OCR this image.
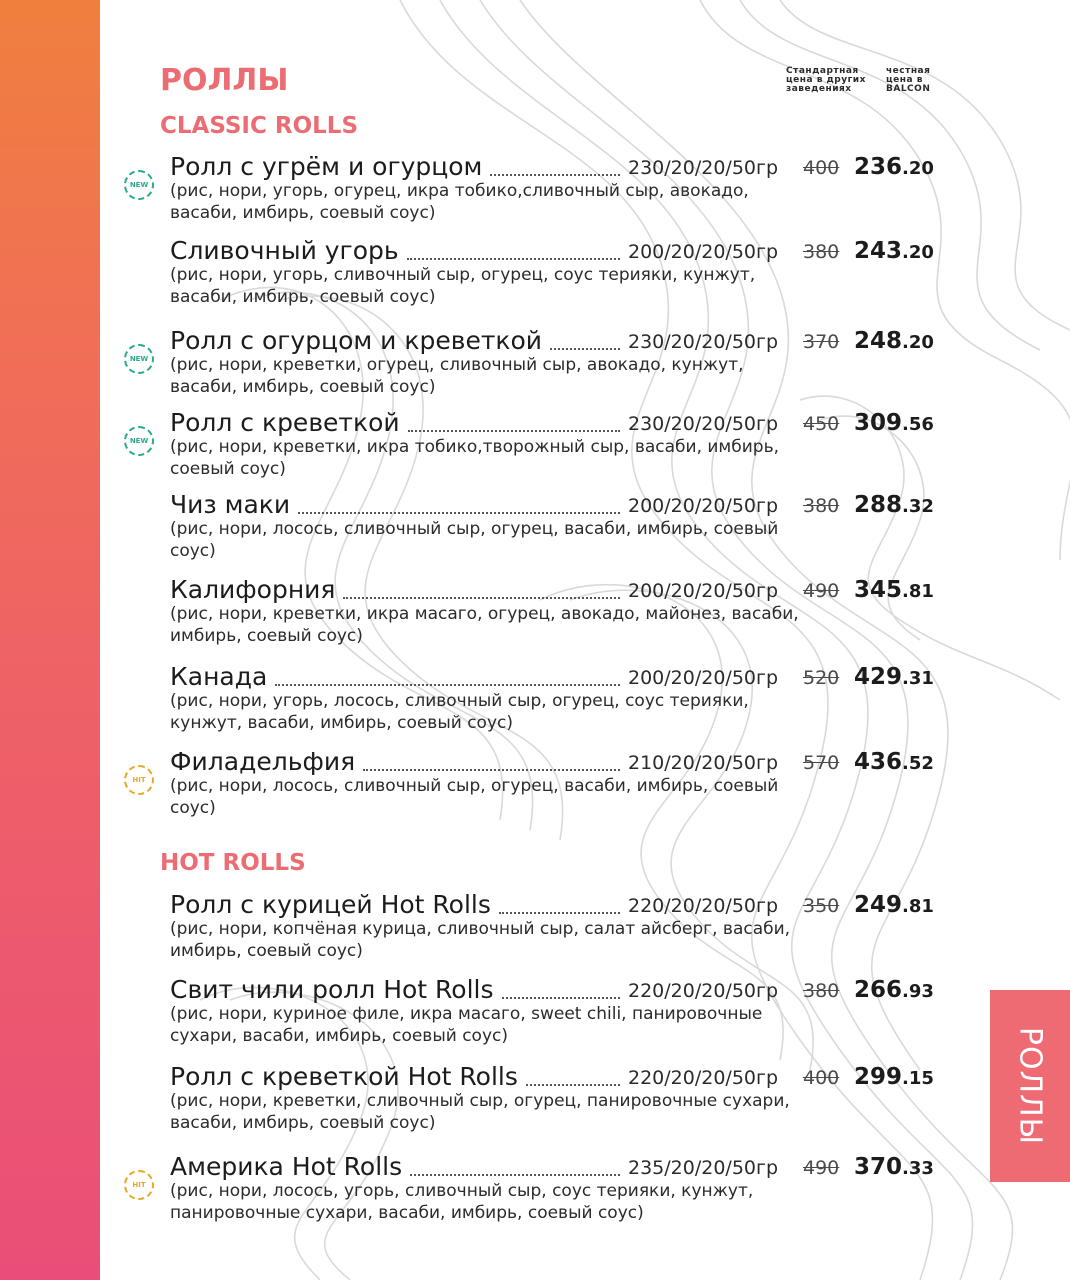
РОЛЛЫ	Стандартная
цена в других
заведениях
честная
цена в
BALCON
CLASSIC ROLLS
HOT ROLLS
NEW
Ролл с угрём и огурцом	230/20/20/50гр 400 236.20
(рис, нори, угорь, огурец, икра тобико,сливочный сыр, авокадо, васаби, имбирь, соевый соус)
Сливочный угорь	200/20/20/50гр 380 243.20
(рис, нори, угорь, сливочный сыр, огурец, соус терияки, кунжут, васаби, имбирь, соевый соус)
NEW
Ролл с огурцом и креветкой	230/20/20/50гр 370 248.20
(рис, нори, креветки, огурец, сливочный сыр, авокадо, кунжут, васаби, имбирь, соевый соус)
NEW
Ролл с креветкой	230/20/20/50гр 450 309.56
(рис, нори, креветки, икра тобико,творожный сыр, васаби, имбирь, соевый соус)
Чиз маки	200/20/20/50гр 380 288.32
(рис, нори, лосось, сливочный сыр, огурец, васаби, имбирь, соевый соус)
Калифорния	200/20/20/50гр 490 345.81
(рис, нори, креветки, икра масаго, огурец, авокадо, майонез, васаби, имбирь, соевый соус)
Канада	200/20/20/50гр 520 429.31
(рис, нори, угорь, лосось, сливочный сыр, огурец, соус терияки, кунжут, васаби, имбирь, соевый соус)
HIT
Филадельфия	210/20/20/50гр 570 436.52
(рис, нори, лосось, сливочный сыр, огурец, васаби, имбирь, соевый соус)
Ролл с курицей Hot Rolls	220/20/20/50гр 350 249.81
(рис, нори, копчёная курица, сливочный сыр, салат айсберг, васаби, имбирь, соевый соус)
Свит чили ролл Hot Rolls	220/20/20/50гр 380 266.93
(рис, нори, куриное филе, икра масаго, sweet chili, панировочные сухари, васаби, имбирь, соевый соус)
Ролл с креветкой Hot Rolls	220/20/20/50гр 400 299.15
(рис, нори, креветки, сливочный сыр, огурец, панировочные сухари, васаби, имбирь, соевый соус)
HIT
Америка Hot Rolls	235/20/20/50гр 490 370.33
(рис, нори, лосось, угорь, сливочный сыр, соус терияки, кунжут, панировочные сухари, васаби, имбирь, соевый соус)
РОЛЛЫ
